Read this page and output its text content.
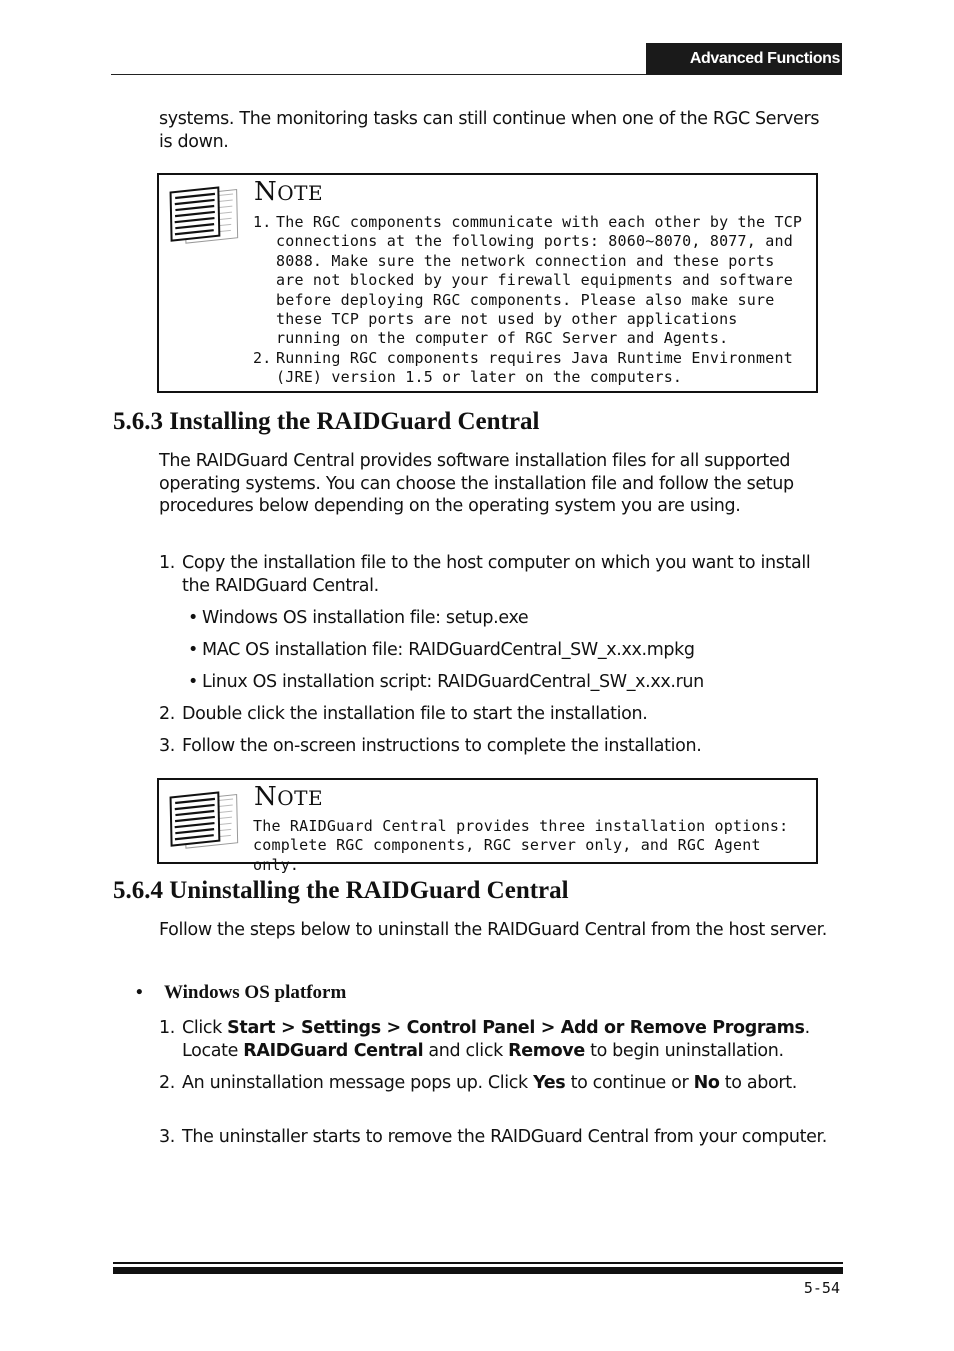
Advanced Functions

systems. The monitoring tasks can still continue when one of the RGC Servers is down.

NOTE
1. The RGC components communicate with each other by the TCP connections at the following ports: 8060~8070, 8077, and 8088. Make sure the network connection and these ports are not blocked by your firewall equipments and software before deploying RGC components. Please also make sure these TCP ports are not used by other applications running on the computer of RGC Server and Agents.
2. Running RGC components requires Java Runtime Environment (JRE) version 1.5 or later on the computers.
5.6.3 Installing the RAIDGuard Central

The RAIDGuard Central provides software installation files for all supported operating systems. You can choose the installation file and follow the setup procedures below depending on the operating system you are using.

1. Copy the installation file to the host computer on which you want to install the RAIDGuard Central.
• Windows OS installation file: setup.exe
• MAC OS installation file: RAIDGuardCentral_SW_x.xx.mpkg
• Linux OS installation script: RAIDGuardCentral_SW_x.xx.run
2. Double click the installation file to start the installation.
3. Follow the on-screen instructions to complete the installation.
NOTE
The RAIDGuard Central provides three installation options: complete RGC components, RGC server only, and RGC Agent only.
5.6.4 Uninstalling the RAIDGuard Central

Follow the steps below to uninstall the RAIDGuard Central from the host server.

• Windows OS platform
1. Click Start > Settings > Control Panel > Add or Remove Programs. Locate RAIDGuard Central and click Remove to begin uninstallation.
2. An uninstallation message pops up. Click Yes to continue or No to abort.
3. The uninstaller starts to remove the RAIDGuard Central from your computer.
5-54
